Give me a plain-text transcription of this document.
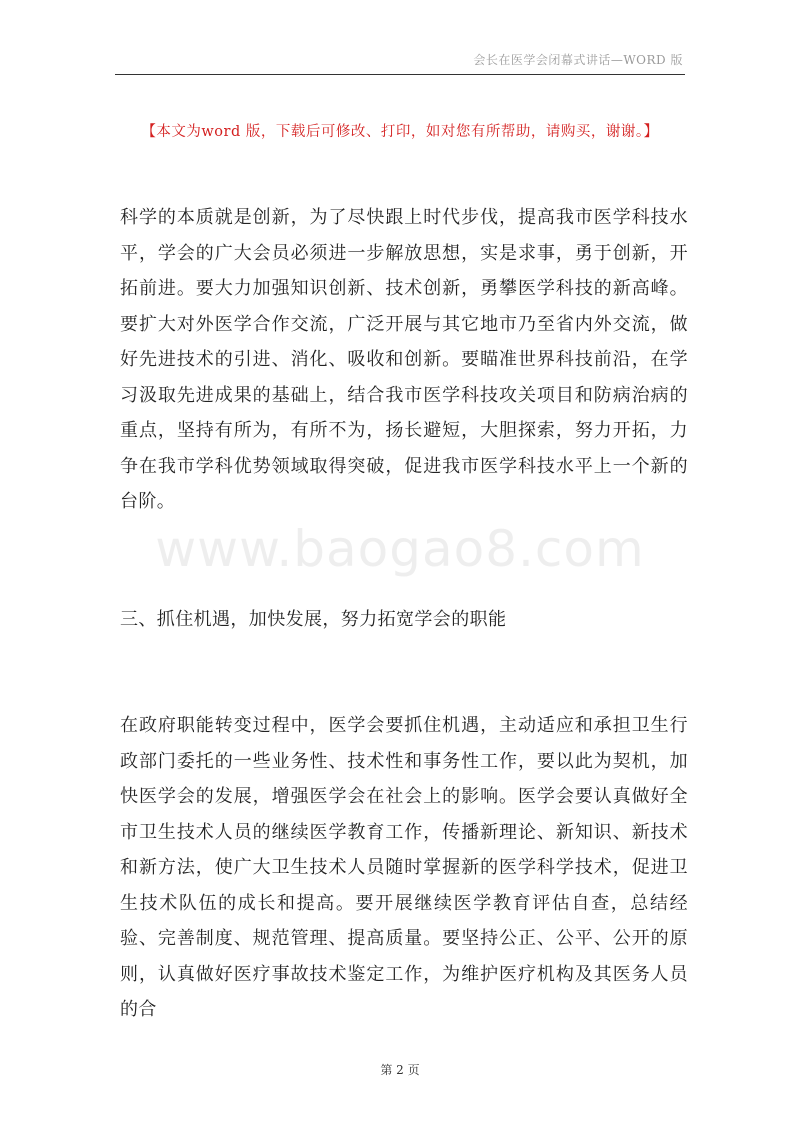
会长在医学会闭幕式讲话—WORD 版
【本文为word 版，下载后可修改、打印，如对您有所帮助，请购买，谢谢。】

科学的本质就是创新，为了尽快跟上时代步伐，提高我市医学科技水平，学会的广大会员必须进一步解放思想，实是求事，勇于创新，开拓前进。要大力加强知识创新、技术创新，勇攀医学科技的新高峰。要扩大对外医学合作交流，广泛开展与其它地市乃至省内外交流，做好先进技术的引进、消化、吸收和创新。要瞄准世界科技前沿，在学习汲取先进成果的基础上，结合我市医学科技攻关项目和防病治病的重点，坚持有所为，有所不为，扬长避短，大胆探索，努力开拓，力争在我市学科优势领域取得突破，促进我市医学科技水平上一个新的台阶。

www.baogao8.com

三、抓住机遇，加快发展，努力拓宽学会的职能

在政府职能转变过程中，医学会要抓住机遇，主动适应和承担卫生行政部门委托的一些业务性、技术性和事务性工作，要以此为契机，加快医学会的发展，增强医学会在社会上的影响。医学会要认真做好全市卫生技术人员的继续医学教育工作，传播新理论、新知识、新技术和新方法，使广大卫生技术人员随时掌握新的医学科学技术，促进卫生技术队伍的成长和提高。要开展继续医学教育评估自查，总结经验、完善制度、规范管理、提高质量。要坚持公正、公平、公开的原则，认真做好医疗事故技术鉴定工作，为维护医疗机构及其医务人员的合

第 2 页
